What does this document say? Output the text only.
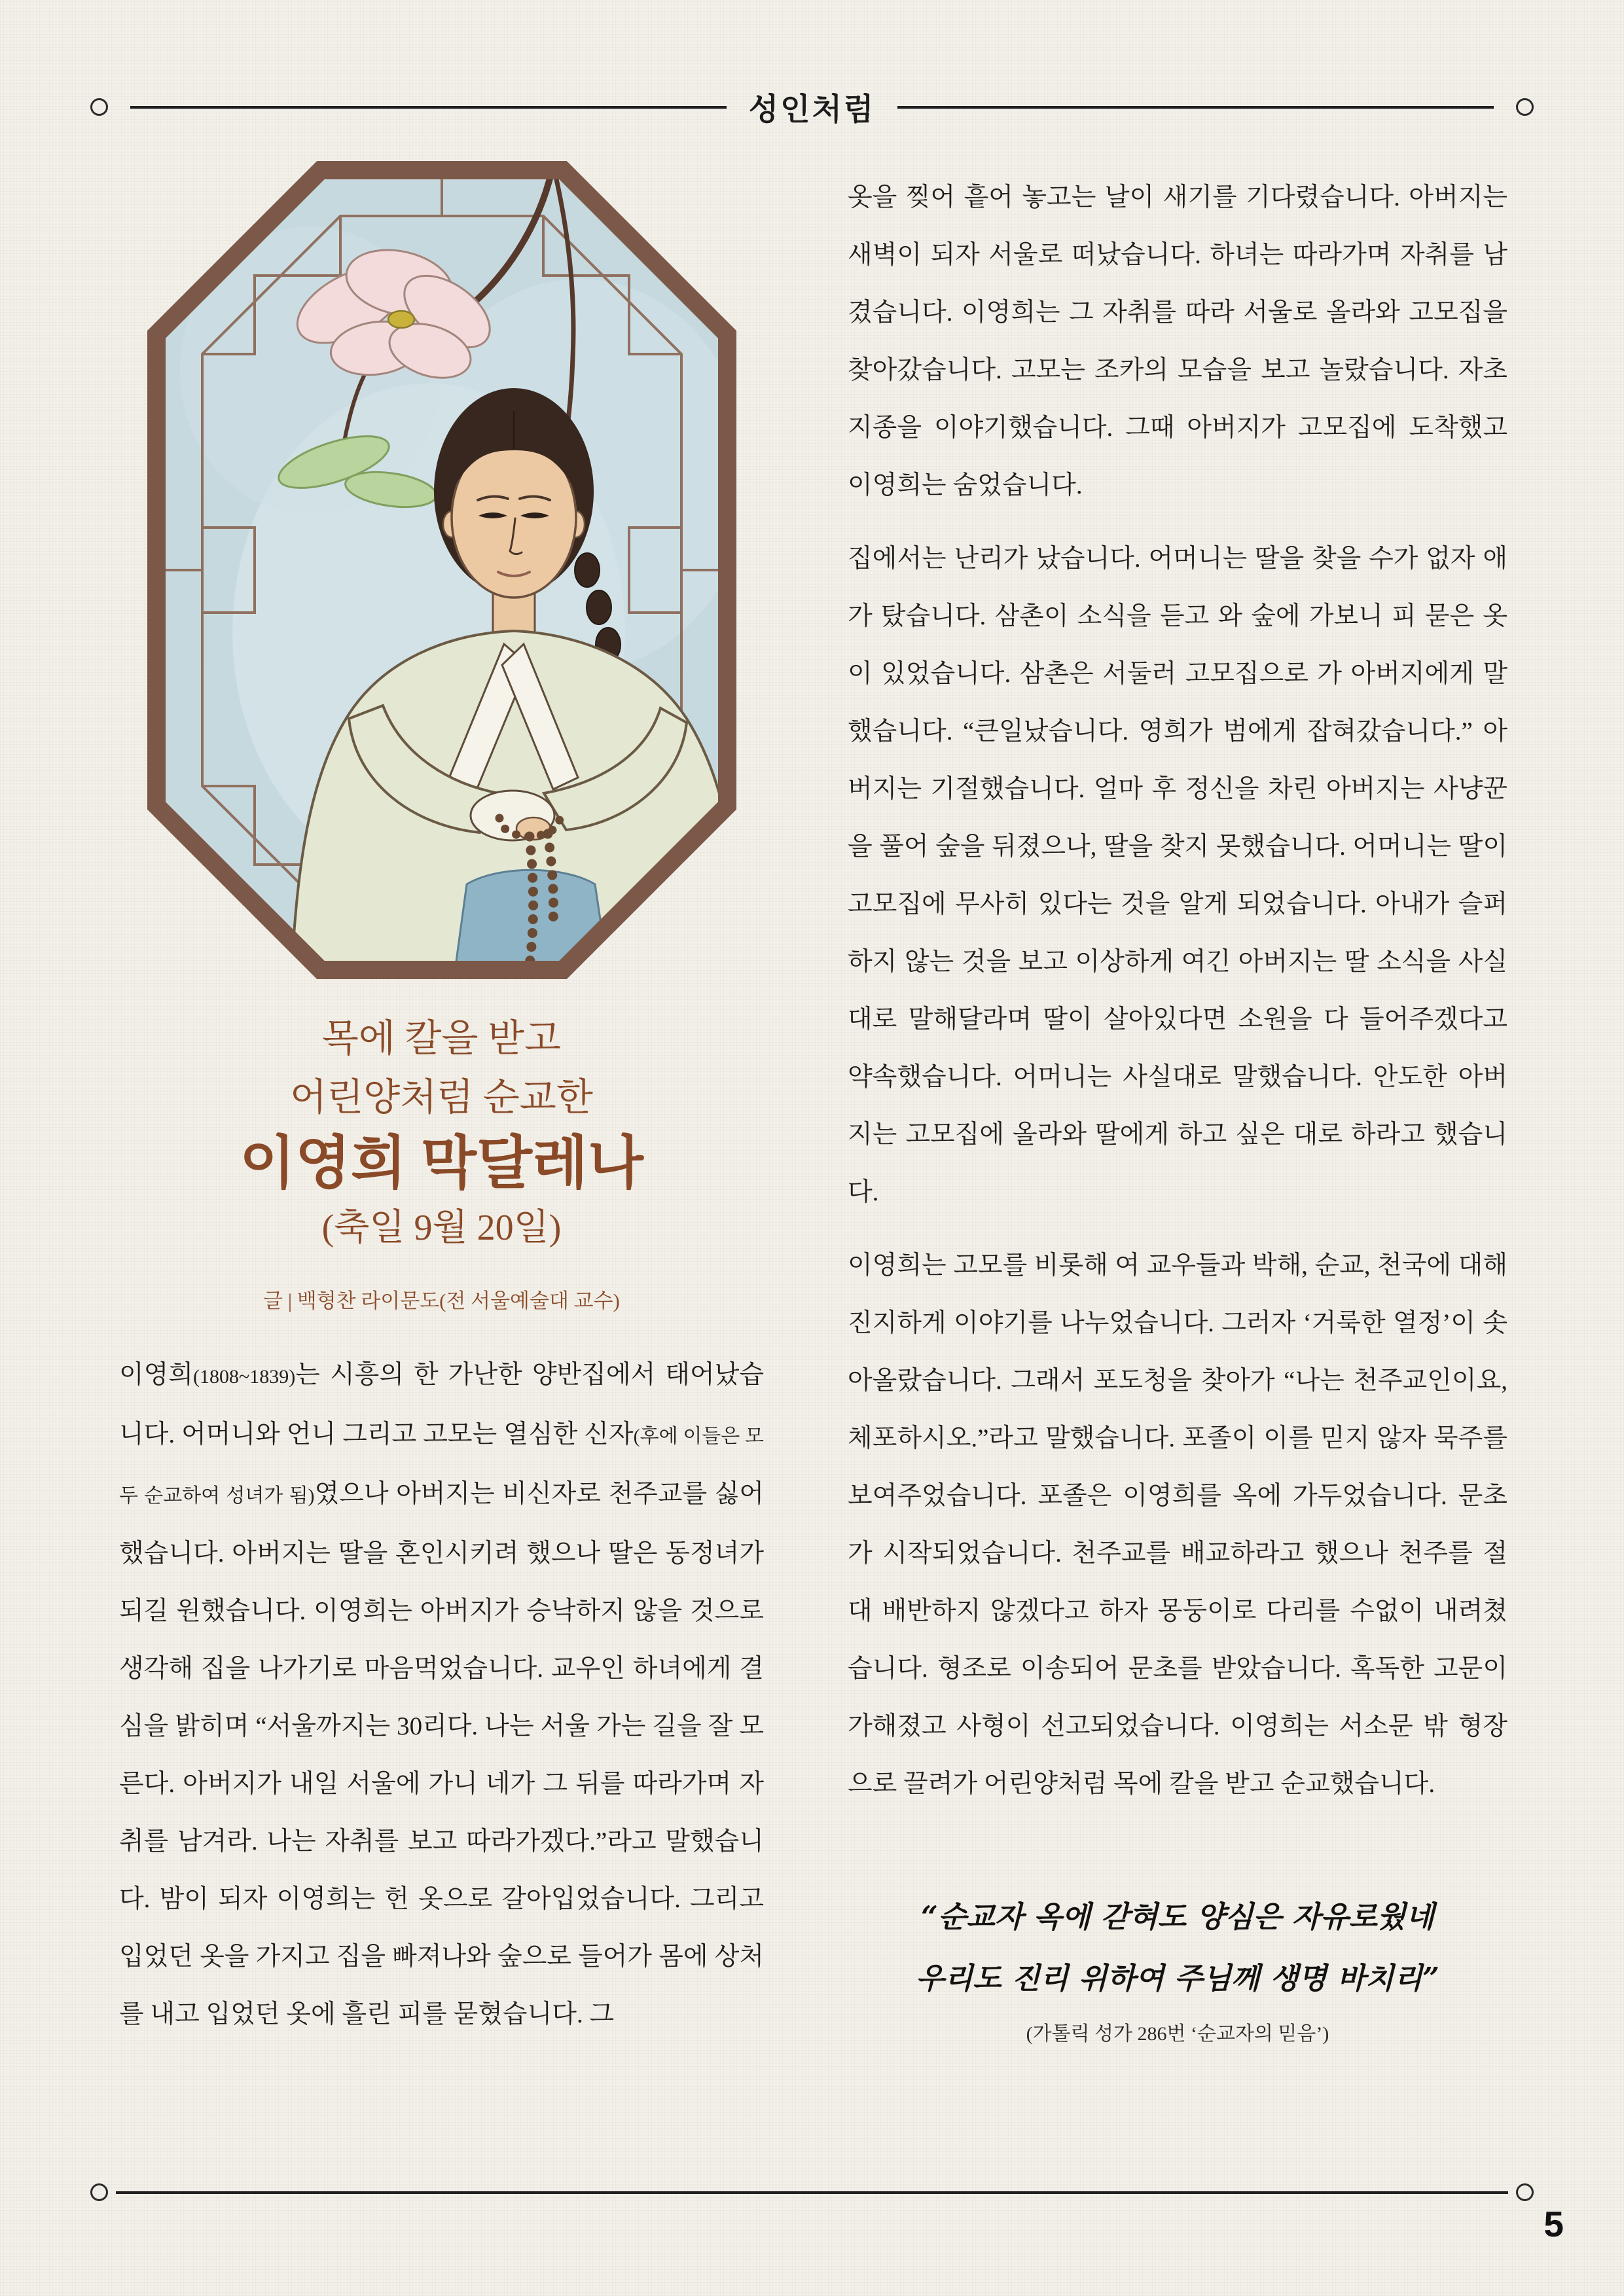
성인처럼
목에 칼을 받고
어린양처럼 순교한
이영희 막달레나
(축일 9월 20일)
글 | 백형찬 라이문도(전 서울예술대 교수)

이영희(1808~1839)는 시흥의 한 가난한 양반집에서 태어났습니다. 어머니와 언니 그리고 고모는 열심한 신자(후에 이들은 모두 순교하여 성녀가 됨)였으나 아버지는 비신자로 천주교를 싫어했습니다. 아버지는 딸을 혼인시키려 했으나 딸은 동정녀가 되길 원했습니다. 이영희는 아버지가 승낙하지 않을 것으로 생각해 집을 나가기로 마음먹었습니다. 교우인 하녀에게 결심을 밝히며 “서울까지는 30리다. 나는 서울 가는 길을 잘 모른다. 아버지가 내일 서울에 가니 네가 그 뒤를 따라가며 자취를 남겨라. 나는 자취를 보고 따라가겠다.”라고 말했습니다. 밤이 되자 이영희는 헌 옷으로 갈아입었습니다. 그리고 입었던 옷을 가지고 집을 빠져나와 숲으로 들어가 몸에 상처를 내고 입었던 옷에 흘린 피를 묻혔습니다. 그

옷을 찢어 흩어 놓고는 날이 새기를 기다렸습니다. 아버지는 새벽이 되자 서울로 떠났습니다. 하녀는 따라가며 자취를 남겼습니다. 이영희는 그 자취를 따라 서울로 올라와 고모집을 찾아갔습니다. 고모는 조카의 모습을 보고 놀랐습니다. 자초지종을 이야기했습니다. 그때 아버지가 고모집에 도착했고 이영희는 숨었습니다.

집에서는 난리가 났습니다. 어머니는 딸을 찾을 수가 없자 애가 탔습니다. 삼촌이 소식을 듣고 와 숲에 가보니 피 묻은 옷이 있었습니다. 삼촌은 서둘러 고모집으로 가 아버지에게 말했습니다. “큰일났습니다. 영희가 범에게 잡혀갔습니다.” 아버지는 기절했습니다. 얼마 후 정신을 차린 아버지는 사냥꾼을 풀어 숲을 뒤졌으나, 딸을 찾지 못했습니다. 어머니는 딸이 고모집에 무사히 있다는 것을 알게 되었습니다. 아내가 슬퍼하지 않는 것을 보고 이상하게 여긴 아버지는 딸 소식을 사실대로 말해달라며 딸이 살아있다면 소원을 다 들어주겠다고 약속했습니다. 어머니는 사실대로 말했습니다. 안도한 아버지는 고모집에 올라와 딸에게 하고 싶은 대로 하라고 했습니다.

이영희는 고모를 비롯해 여 교우들과 박해, 순교, 천국에 대해 진지하게 이야기를 나누었습니다. 그러자 ‘거룩한 열정’이 솟아올랐습니다. 그래서 포도청을 찾아가 “나는 천주교인이요, 체포하시오.”라고 말했습니다. 포졸이 이를 믿지 않자 묵주를 보여주었습니다. 포졸은 이영희를 옥에 가두었습니다. 문초가 시작되었습니다. 천주교를 배교하라고 했으나 천주를 절대 배반하지 않겠다고 하자 몽둥이로 다리를 수없이 내려쳤습니다. 형조로 이송되어 문초를 받았습니다. 혹독한 고문이 가해졌고 사형이 선고되었습니다. 이영희는 서소문 밖 형장으로 끌려가 어린양처럼 목에 칼을 받고 순교했습니다.

“순교자 옥에 갇혀도 양심은 자유로웠네
우리도 진리 위하여 주님께 생명 바치리”
(가톨릭 성가 286번 ‘순교자의 믿음’)
5
